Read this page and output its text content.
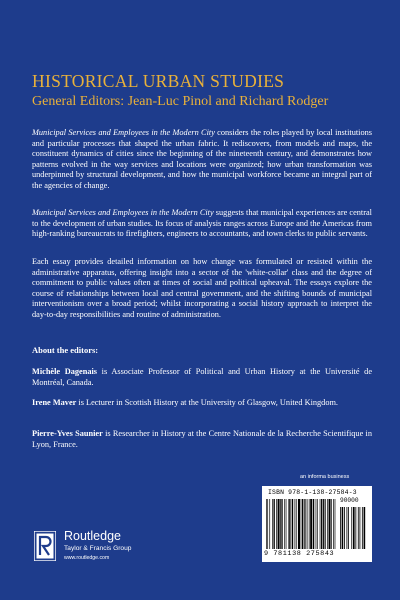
HISTORICAL URBAN STUDIES
General Editors: Jean-Luc Pinol and Richard Rodger
Municipal Services and Employees in the Modern City considers the roles played by local institutions and particular processes that shaped the urban fabric. It rediscovers, from models and maps, the constituent dynamics of cities since the beginning of the nineteenth century, and demonstrates how patterns evolved in the way services and locations were organized; how urban transformation was underpinned by structural development, and how the municipal workforce became an integral part of the agencies of change.
Municipal Services and Employees in the Modern City suggests that municipal experiences are central to the development of urban studies. Its focus of analysis ranges across Europe and the Americas from high-ranking bureaucrats to firefighters, engineers to accountants, and town clerks to public servants.
Each essay provides detailed information on how change was formulated or resisted within the administrative apparatus, offering insight into a sector of the 'white-collar' class and the degree of commitment to public values often at times of social and political upheaval. The essays explore the course of relationships between local and central government, and the shifting bounds of municipal interventionism over a broad period; whilst incorporating a social history approach to interpret the day-to-day responsibilities and routine of administration.
About the editors:
Michèle Dagenais is Associate Professor of Political and Urban History at the Université de Montréal, Canada.
Irene Maver is Lecturer in Scottish History at the University of Glasgow, United Kingdom.
Pierre-Yves Saunier is Researcher in History at the Centre Nationale de la Recherche Scientifique in Lyon, France.
an informa business
Routledge
Taylor & Francis Group
www.routledge.com
ISBN 978-1-138-27584-3
90000
9 781138 275843
